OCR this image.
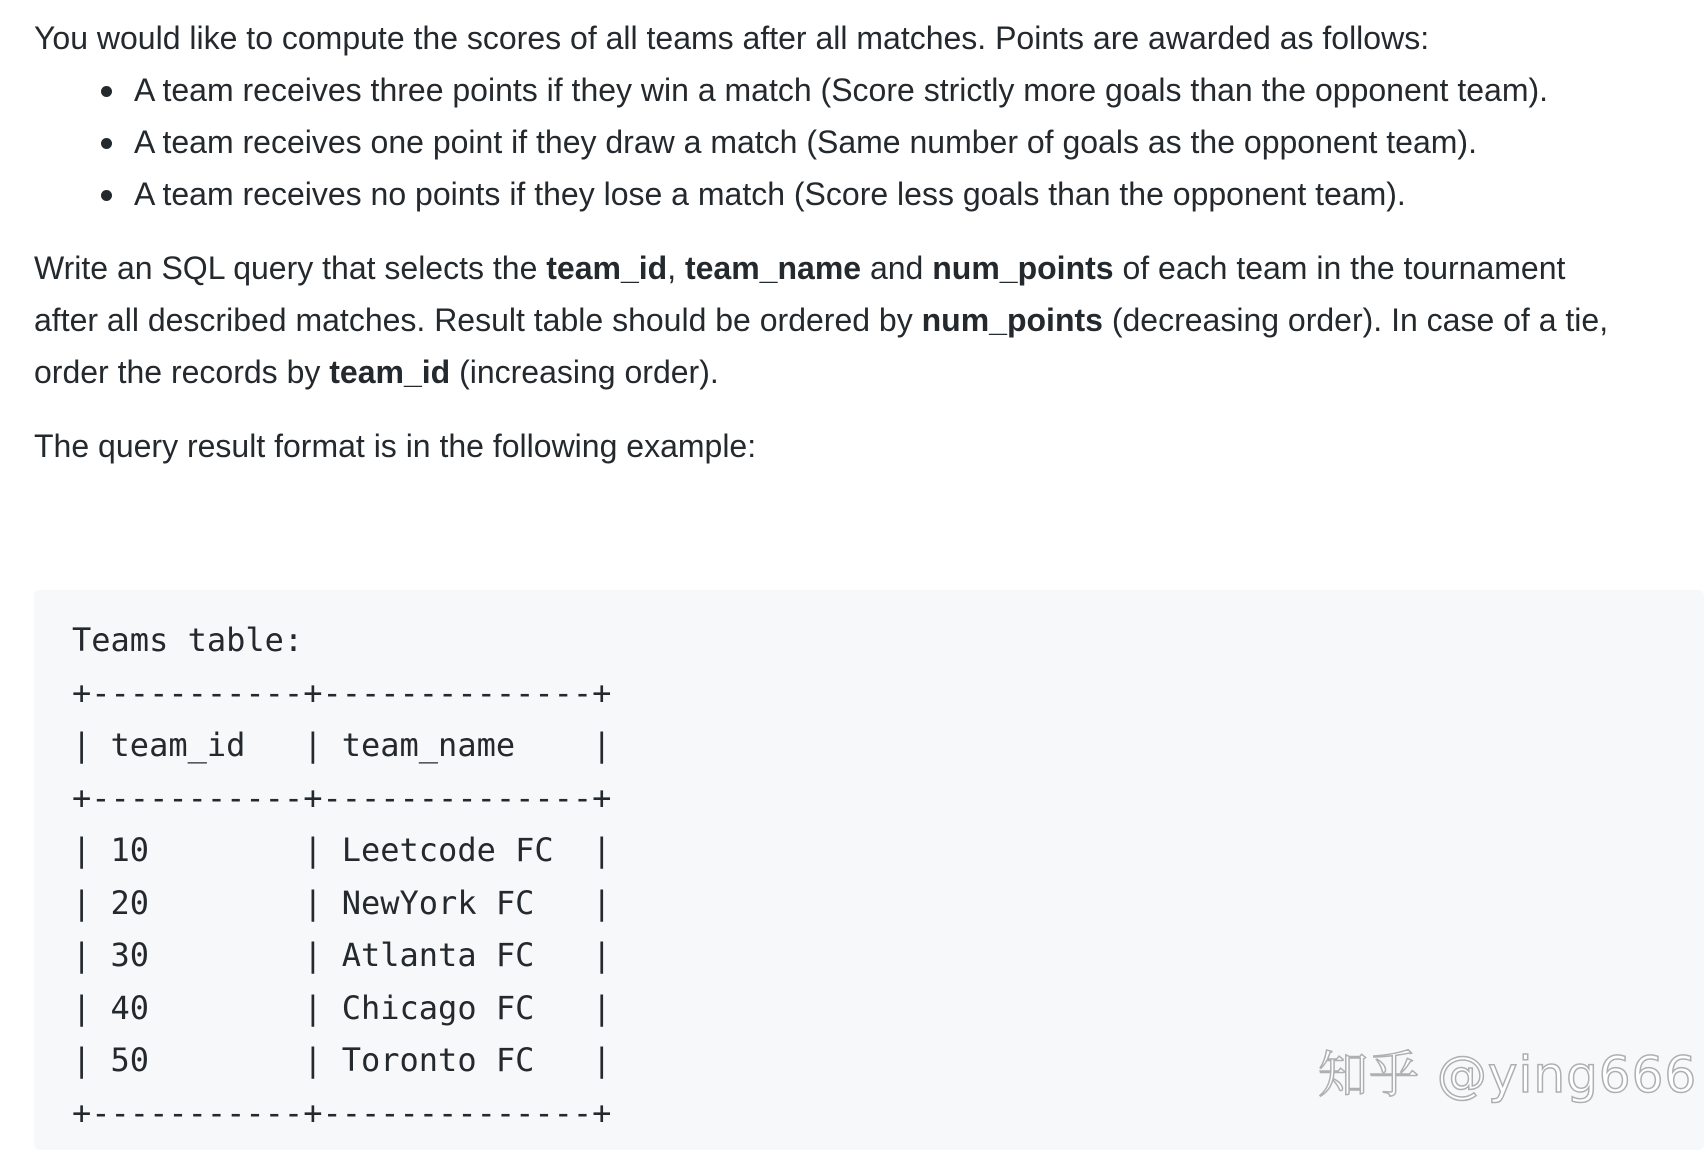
You would like to compute the scores of all teams after all matches. Points are awarded as follows:

A team receives three points if they win a match (Score strictly more goals than the opponent team).
A team receives one point if they draw a match (Same number of goals as the opponent team).
A team receives no points if they lose a match (Score less goals than the opponent team).

Write an SQL query that selects the team_id, team_name and num_points of each team in the tournament after all described matches. Result table should be ordered by num_points (decreasing order). In case of a tie, order the records by team_id (increasing order).

The query result format is in the following example:

Teams table:
+-----------+--------------+
| team_id   | team_name    |
+-----------+--------------+
| 10        | Leetcode FC  |
| 20        | NewYork FC   |
| 30        | Atlanta FC   |
| 40        | Chicago FC   |
| 50        | Toronto FC   |
+-----------+--------------+
知乎 @ying666
